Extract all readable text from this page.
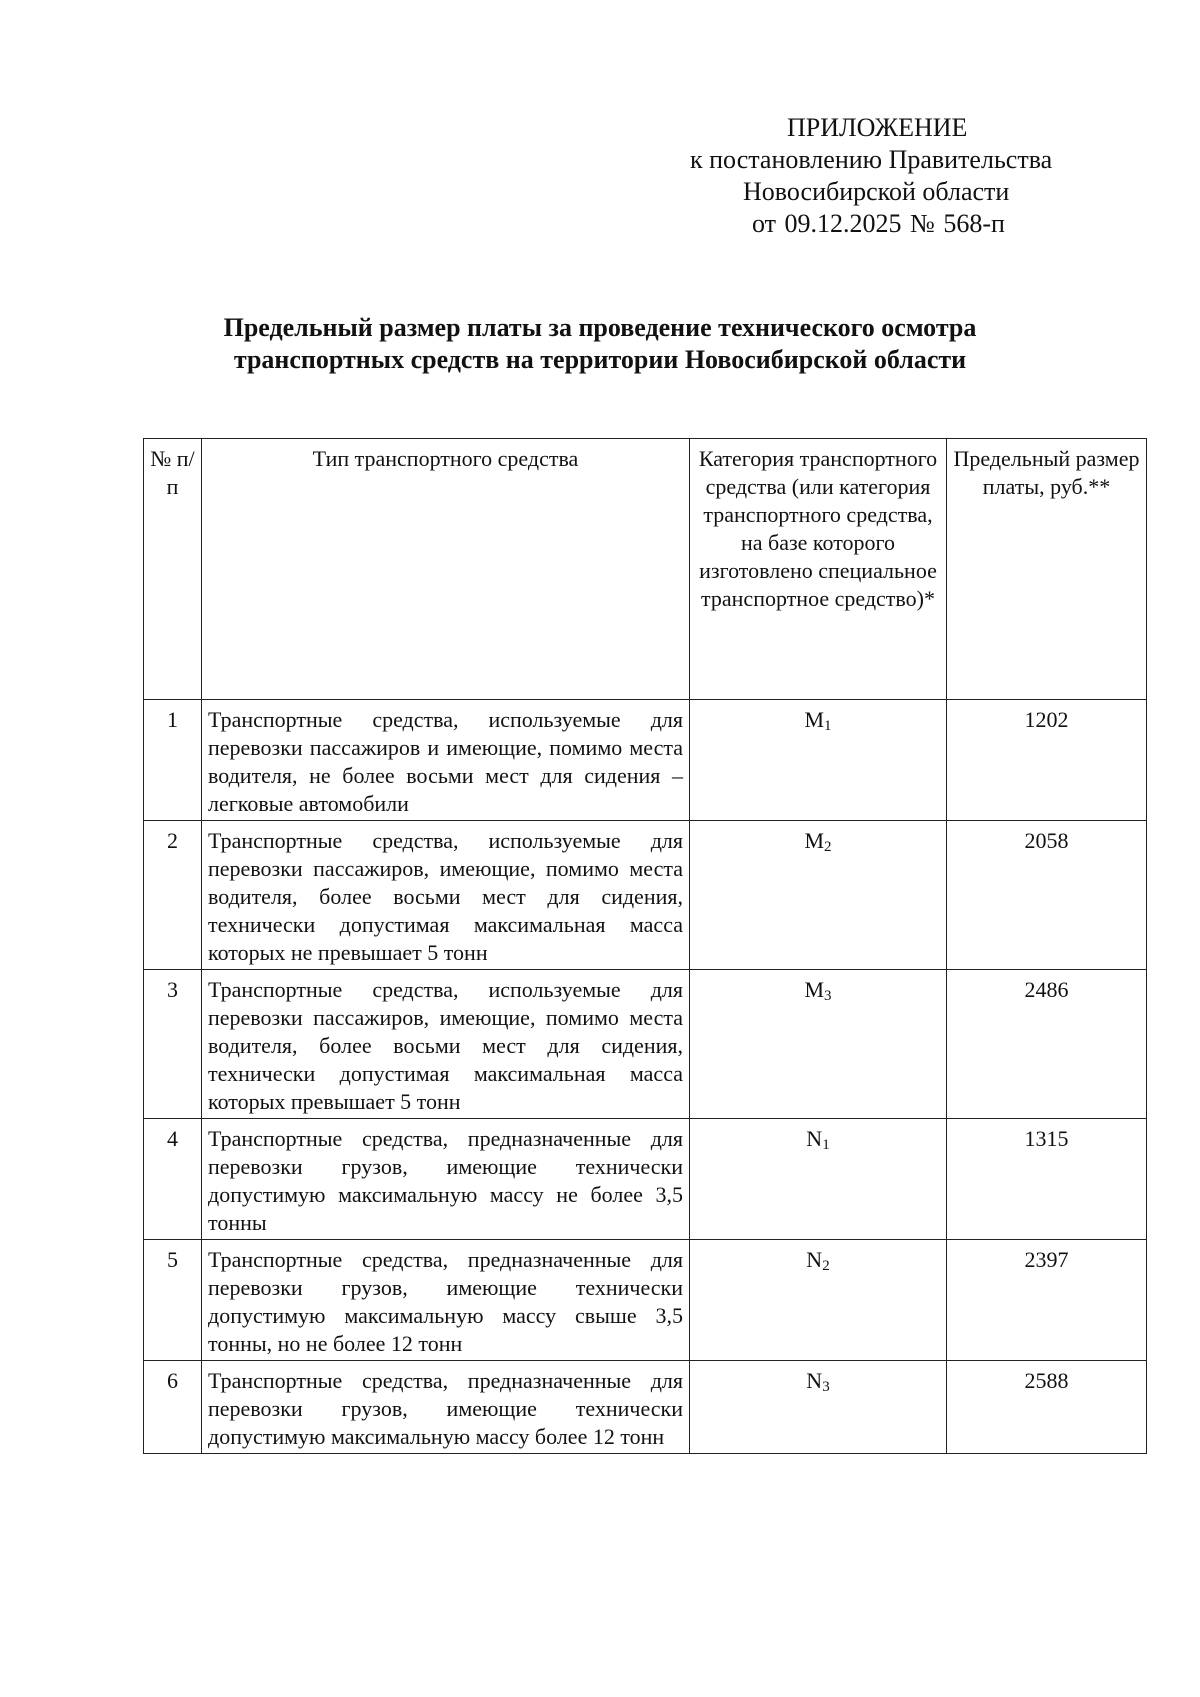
ПРИЛОЖЕНИЕ
к постановлению Правительства
Новосибирской области
от 09.12.2025 № 568-п
Предельный размер платы за проведение технического осмотра
транспортных средств на территории Новосибирской области
№ п/п	Тип транспортного средства	Категория транспортного средства (или категория транспортного средства, на базе которого изготовлено специальное транспортное средство)*	Предельный размер платы, руб.**
1	Транспортные средства, используемые для перевозки пассажиров и имеющие, помимо места водителя, не более восьми мест для сидения – легковые автомобили	M1	1202
2	Транспортные средства, используемые для перевозки пассажиров, имеющие, помимо места водителя, более восьми мест для сидения, технически допустимая максимальная масса которых не превышает 5 тонн	M2	2058
3	Транспортные средства, используемые для перевозки пассажиров, имеющие, помимо места водителя, более восьми мест для сидения, технически допустимая максимальная масса которых превышает 5 тонн	M3	2486
4	Транспортные средства, предназначенные для перевозки грузов, имеющие технически допустимую максимальную массу не более 3,5 тонны	N1	1315
5	Транспортные средства, предназначенные для перевозки грузов, имеющие технически допустимую максимальную массу свыше 3,5 тонны, но не более 12 тонн	N2	2397
6	Транспортные средства, предназначенные для перевозки грузов, имеющие технически допустимую максимальную массу более 12 тонн	N3	2588
